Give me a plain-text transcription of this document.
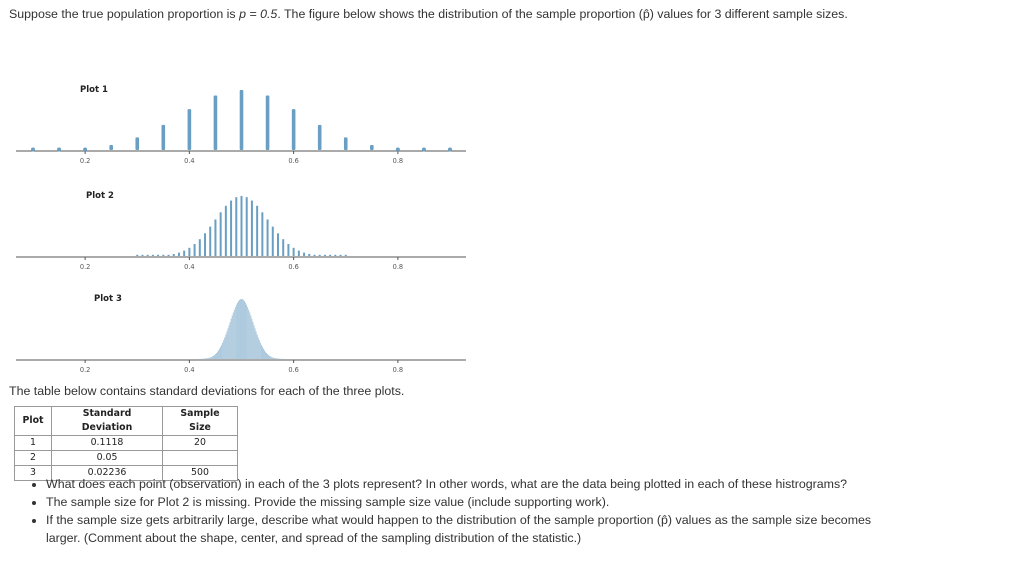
Suppose the true population proportion is p = 0.5. The figure below shows the distribution of the sample proportion (p̂) values for 3 different sample sizes.
Plot 1
0.2	0.4	0.6	0.8
Plot 2
0.2	0.4	0.6	0.8
Plot 3
0.2	0.4	0.6	0.8
The table below contains standard deviations for each of the three plots.
Plot	Standard Deviation	Sample Size
1	0.1118	20
2	0.05	
3	0.02236	500
• What does each point (observation) in each of the 3 plots represent? In other words, what are the data being plotted in each of these histrograms?
• The sample size for Plot 2 is missing. Provide the missing sample size value (include supporting work).
• If the sample size gets arbitrarily large, describe what would happen to the distribution of the sample proportion (p̂) values as the sample size becomes larger. (Comment about the shape, center, and spread of the sampling distribution of the statistic.)
